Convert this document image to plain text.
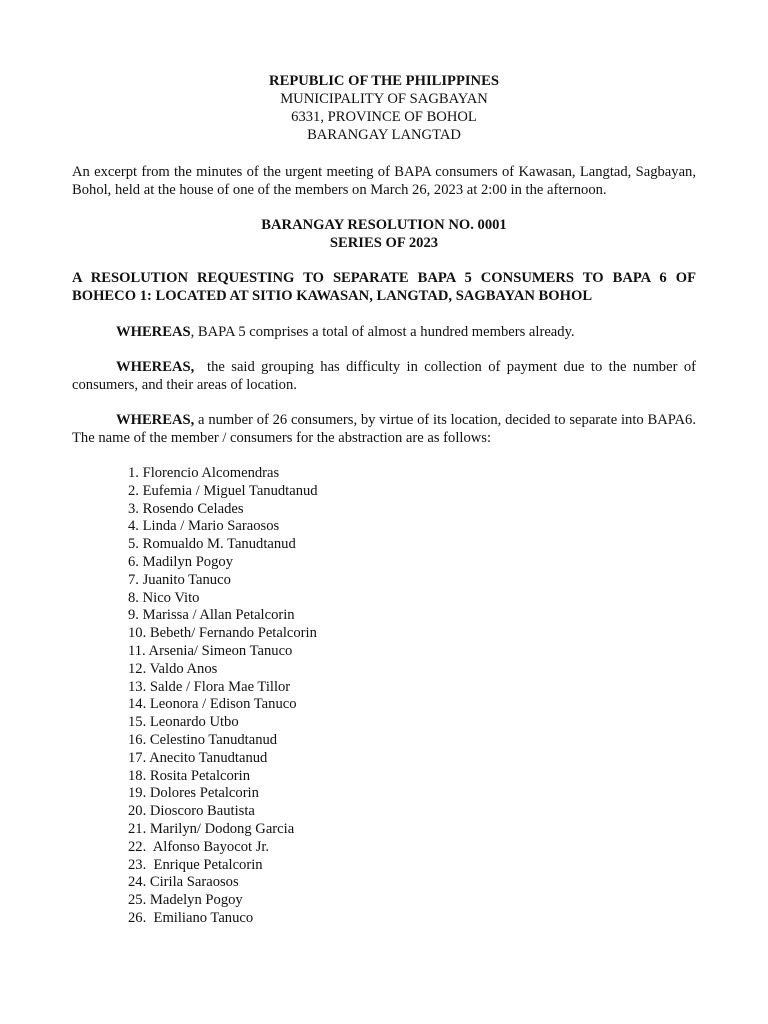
REPUBLIC OF THE PHILIPPINES
MUNICIPALITY OF SAGBAYAN
6331, PROVINCE OF BOHOL
BARANGAY LANGTAD

An excerpt from the minutes of the urgent meeting of BAPA consumers of Kawasan, Langtad, Sagbayan, Bohol, held at the house of one of the members on March 26, 2023 at 2:00 in the afternoon.

BARANGAY RESOLUTION NO. 0001
SERIES OF 2023

A RESOLUTION REQUESTING TO SEPARATE BAPA 5 CONSUMERS TO BAPA 6 OF BOHECO 1: LOCATED AT SITIO KAWASAN, LANGTAD, SAGBAYAN BOHOL

WHEREAS, BAPA 5 comprises a total of almost a hundred members already.

WHEREAS,  the said grouping has difficulty in collection of payment due to the number of consumers, and their areas of location.

WHEREAS, a number of 26 consumers, by virtue of its location, decided to separate into BAPA6. The name of the member / consumers for the abstraction are as follows:

1. Florencio Alcomendras
2. Eufemia / Miguel Tanudtanud
3. Rosendo Celades
4. Linda / Mario Saraosos
5. Romualdo M. Tanudtanud
6. Madilyn Pogoy
7. Juanito Tanuco
8. Nico Vito
9. Marissa / Allan Petalcorin
10. Bebeth/ Fernando Petalcorin
11. Arsenia/ Simeon Tanuco
12. Valdo Anos
13. Salde / Flora Mae Tillor
14. Leonora / Edison Tanuco
15. Leonardo Utbo
16. Celestino Tanudtanud
17. Anecito Tanudtanud
18. Rosita Petalcorin
19. Dolores Petalcorin
20. Dioscoro Bautista
21. Marilyn/ Dodong Garcia
22.  Alfonso Bayocot Jr.
23.  Enrique Petalcorin
24. Cirila Saraosos
25. Madelyn Pogoy
26.  Emiliano Tanuco
